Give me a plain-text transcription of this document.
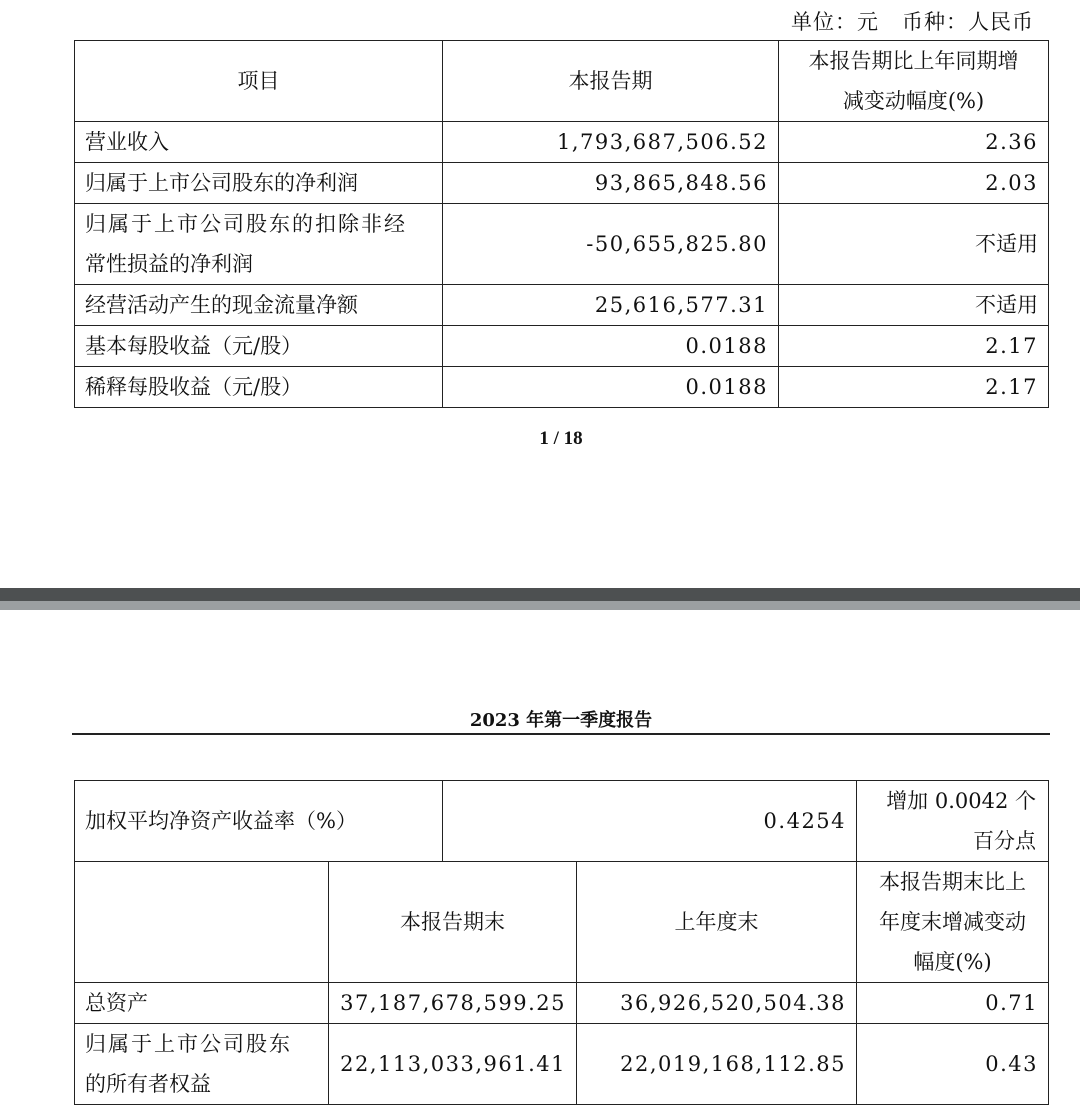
单位：元   币种：人民币
项目	本报告期	本报告期比上年同期增
减变动幅度(%)

营业收入	1,793,687,506.52	2.36
归属于上市公司股东的净利润	93,865,848.56	2.03

归属于上市公司股东的扣除非经
常性损益的净利润	-50,655,825.80	不适用
经营活动产生的现金流量净额	25,616,577.31	不适用
基本每股收益（元/股）	0.0188	2.17
稀释每股收益（元/股）	0.0188	2.17
1 / 18
2023 年第一季度报告
加权平均净资产收益率（%）		0.4254		增加 0.0042 个百分点
	本报告期末		上年度末	本报告期末比上
年度末增减变动
幅度(%)

总资产	37,187,678,599.25		36,926,520,504.38	0.71

归属于上市公司股东
的所有者权益	22,113,033,961.41		22,019,168,112.85	0.43
